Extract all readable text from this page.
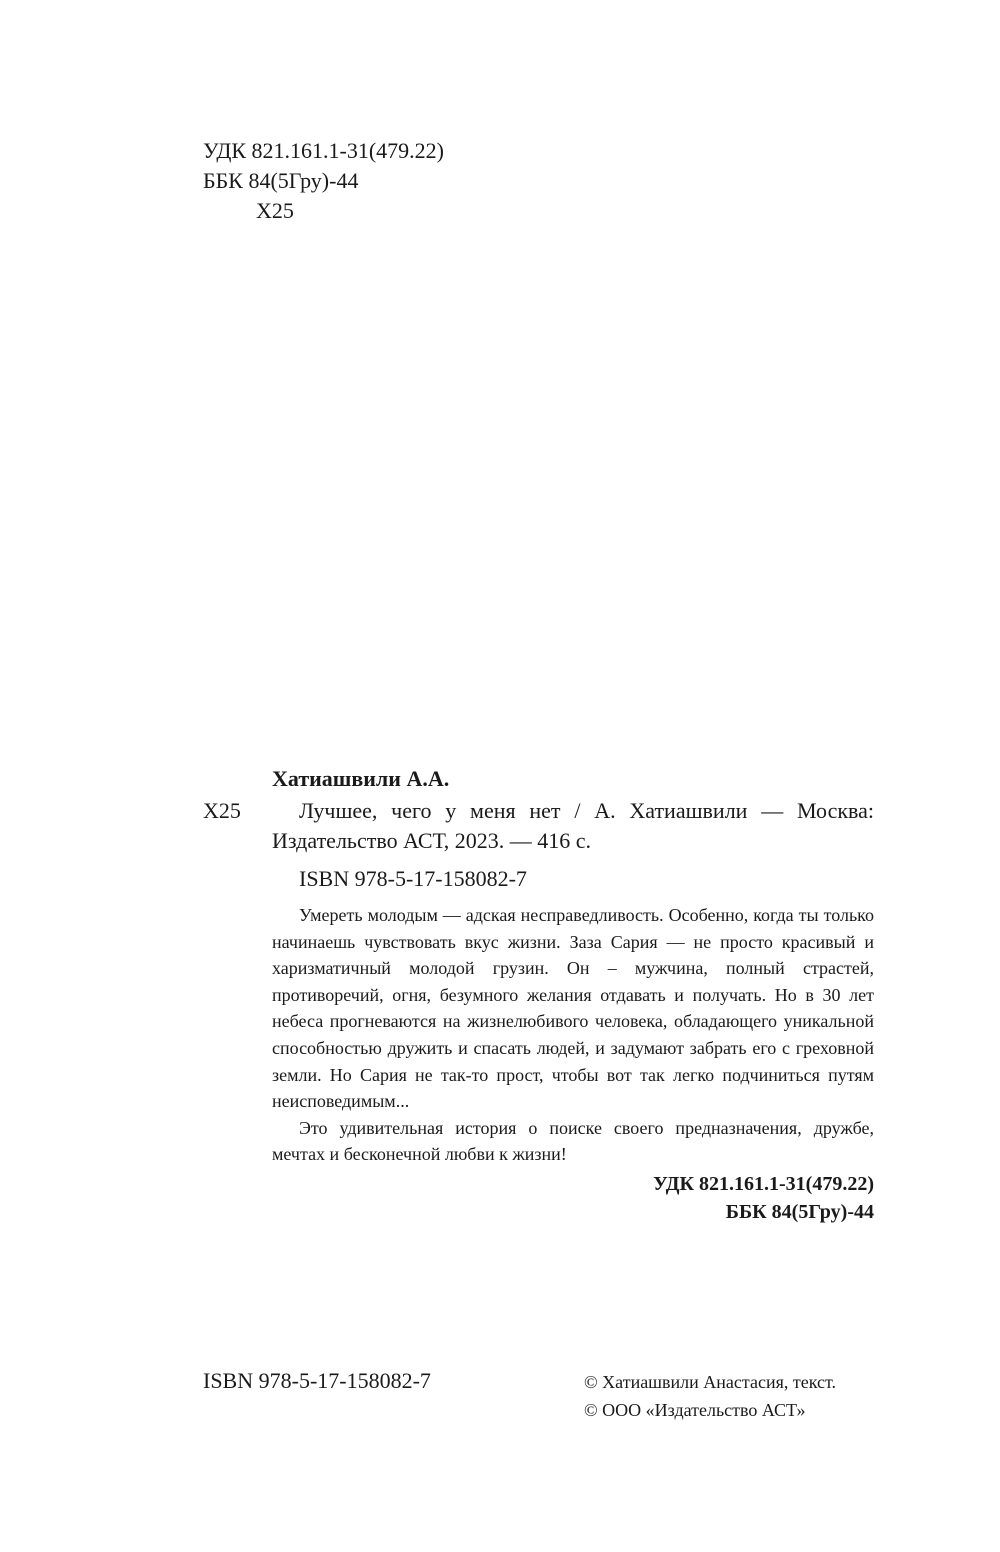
УДК 821.161.1-31(479.22)
ББК 84(5Гру)-44
Х25
Х25

Хатиашвили А.А.

Лучшее, чего у меня нет / А. Хатиашвили — Москва: Издательство АСТ, 2023. — 416 с.

ISBN 978-5-17-158082-7

Умереть молодым — адская несправедливость. Особенно, когда ты только начинаешь чувствовать вкус жизни. Заза Сария — не просто красивый и харизматичный молодой грузин. Он – мужчина, полный страстей, противоречий, огня, безумного желания отдавать и получать. Но в 30 лет небеса прогневаются на жизнелюбивого человека, обладающего уникальной способностью дружить и спасать людей, и задумают забрать его с греховной земли. Но Сария не так-то прост, чтобы вот так легко подчиниться путям неисповедимым...

Это удивительная история о поиске своего предназначения, дружбе, мечтах и бесконечной любви к жизни!

УДК 821.161.1-31(479.22)
ББК 84(5Гру)-44
ISBN 978-5-17-158082-7	© Хатиашвили Анастасия, текст.
© ООО «Издательство АСТ»
